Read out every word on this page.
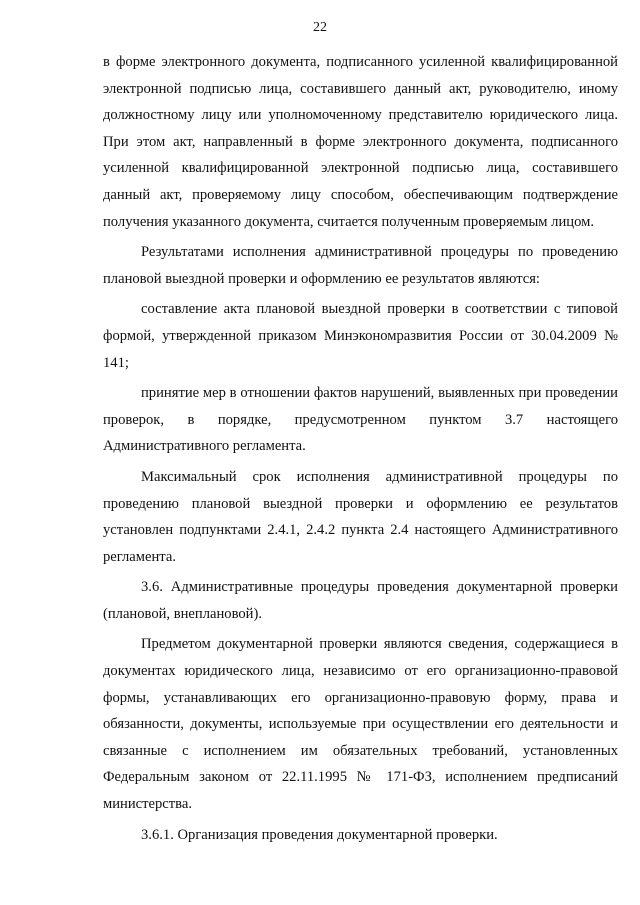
22

в форме электронного документа, подписанного усиленной квалифицированной электронной подписью лица, составившего данный акт, руководителю, иному должностному лицу или уполномоченному представителю юридического лица. При этом акт, направленный в форме электронного документа, подписанного усиленной квалифицированной электронной подписью лица, составившего данный акт, проверяемому лицу способом, обеспечивающим подтверждение получения указанного документа, считается полученным проверяемым лицом.

Результатами исполнения административной процедуры по проведению плановой выездной проверки и оформлению ее результатов являются:

составление акта плановой выездной проверки в соответствии с типовой формой, утвержденной приказом Минэкономразвития России от 30.04.2009 № 141;

принятие мер в отношении фактов нарушений, выявленных при проведении проверок, в порядке, предусмотренном пунктом 3.7 настоящего Административного регламента.

Максимальный срок исполнения административной процедуры по проведению плановой выездной проверки и оформлению ее результатов установлен подпунктами 2.4.1, 2.4.2 пункта 2.4 настоящего Административного регламента.

3.6. Административные процедуры проведения документарной проверки (плановой, внеплановой).

Предметом документарной проверки являются сведения, содержащиеся в документах юридического лица, независимо от его организационно-правовой формы, устанавливающих его организационно-правовую форму, права и обязанности, документы, используемые при осуществлении его деятельности и связанные с исполнением им обязательных требований, установленных Федеральным законом от 22.11.1995 № 171-ФЗ, исполнением предписаний министерства.

3.6.1. Организация проведения документарной проверки.
